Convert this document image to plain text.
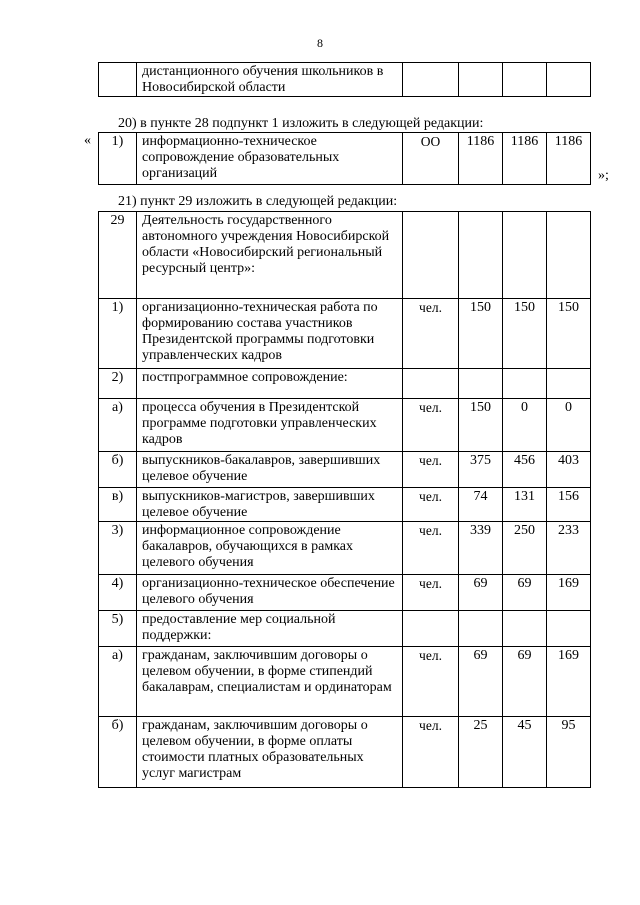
8
	дистанционного обучения школьников в Новосибирской области				
20) в пункте 28 подпункт 1 изложить в следующей редакции:
«
»;
1)	информационно-техническое сопровождение образовательных организаций	ОО	1186	1186	1186
21) пункт 29 изложить в следующей редакции:
29	Деятельность государственного автономного учреждения Новосибирской области «Новосибирский региональный ресурсный центр»:				
1)	организационно-техническая работа по формированию состава участников Президентской программы подготовки управленческих кадров	чел.	150	150	150
2)	постпрограммное сопровождение:				
а)	процесса обучения в Президентской программе подготовки управленческих кадров	чел.	150	0	0
б)	выпускников-бакалавров, завершивших целевое обучение	чел.	375	456	403
в)	выпускников-магистров, завершивших целевое обучение	чел.	74	131	156
3)	информационное сопровождение бакалавров, обучающихся в рамках целевого обучения	чел.	339	250	233
4)	организационно-техническое обеспечение целевого обучения	чел.	69	69	169
5)	предоставление мер социальной поддержки:				
а)	гражданам, заключившим договоры о целевом обучении, в форме стипендий бакалаврам, специалистам и ординаторам	чел.	69	69	169
б)	гражданам, заключившим договоры о целевом обучении, в форме оплаты стоимости платных образовательных услуг магистрам	чел.	25	45	95
